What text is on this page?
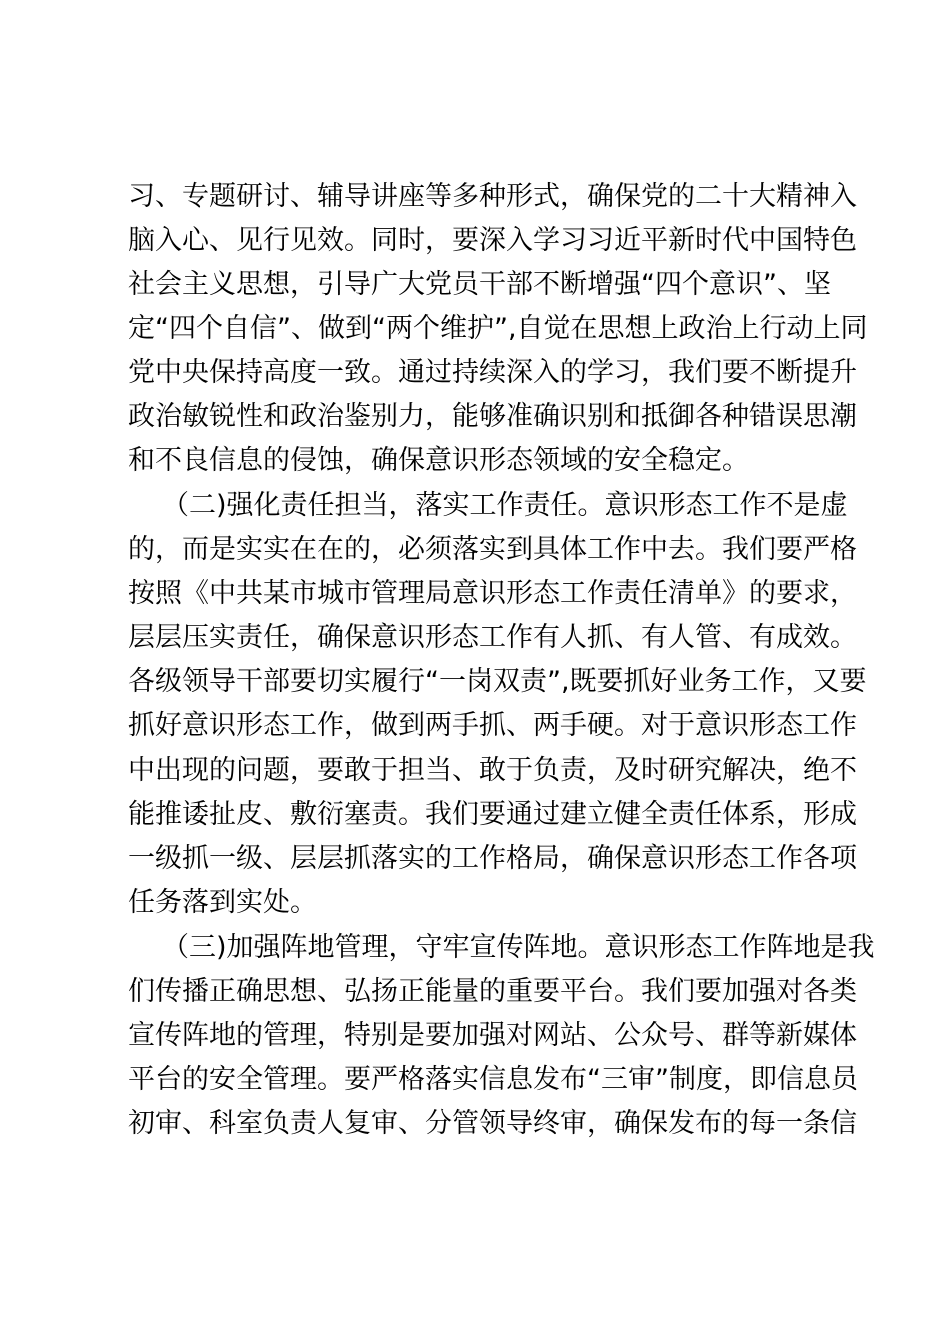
习、专题研讨、辅导讲座等多种形式，确保党的二十大精神入
脑入心、见行见效。同时，要深入学习习近平新时代中国特色
社会主义思想，引导广大党员干部不断增强“四个意识”、坚
定“四个自信”、做到“两个维护”,自觉在思想上政治上行动上同
党中央保持高度一致。通过持续深入的学习，我们要不断提升
政治敏锐性和政治鉴别力，能够准确识别和抵御各种错误思潮
和不良信息的侵蚀，确保意识形态领域的安全稳定。
（二)强化责任担当，落实工作责任。意识形态工作不是虚
的，而是实实在在的，必须落实到具体工作中去。我们要严格
按照《中共某市城市管理局意识形态工作责任清单》的要求，
层层压实责任，确保意识形态工作有人抓、有人管、有成效。
各级领导干部要切实履行“一岗双责”,既要抓好业务工作，又要
抓好意识形态工作，做到两手抓、两手硬。对于意识形态工作
中出现的问题，要敢于担当、敢于负责，及时研究解决，绝不
能推诿扯皮、敷衍塞责。我们要通过建立健全责任体系，形成
一级抓一级、层层抓落实的工作格局，确保意识形态工作各项
任务落到实处。
（三)加强阵地管理，守牢宣传阵地。意识形态工作阵地是我
们传播正确思想、弘扬正能量的重要平台。我们要加强对各类
宣传阵地的管理，特别是要加强对网站、公众号、群等新媒体
平台的安全管理。要严格落实信息发布“三审”制度，即信息员
初审、科室负责人复审、分管领导终审，确保发布的每一条信
